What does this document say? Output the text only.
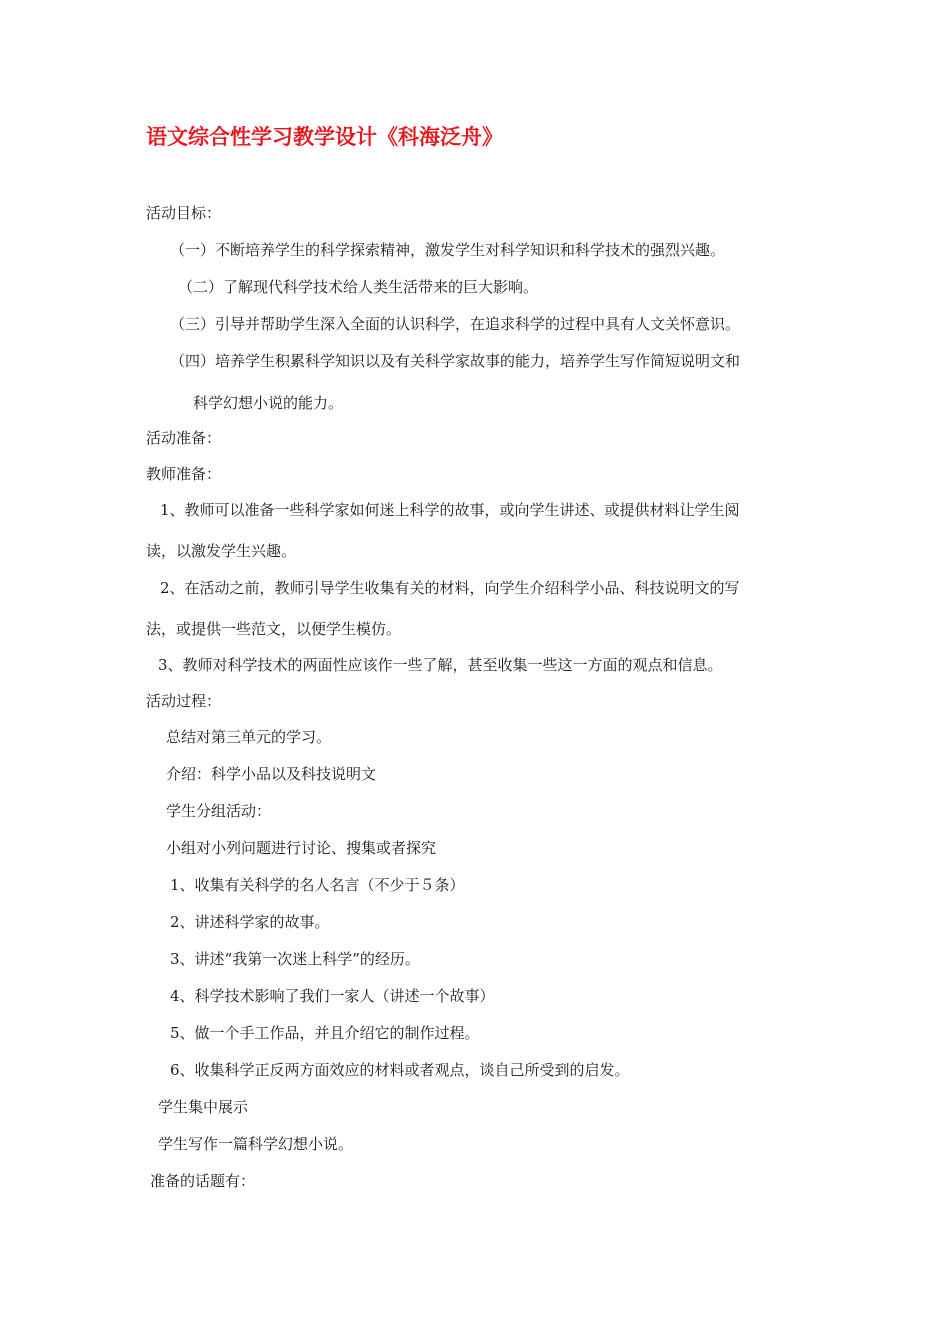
语文综合性学习教学设计《科海泛舟》
活动目标：
（一）不断培养学生的科学探索精神，激发学生对科学知识和科学技术的强烈兴趣。
（二）了解现代科学技术给人类生活带来的巨大影响。
（三）引导并帮助学生深入全面的认识科学，在追求科学的过程中具有人文关怀意识。
（四）培养学生积累科学知识以及有关科学家故事的能力，培养学生写作简短说明文和
科学幻想小说的能力。
活动准备：
教师准备：
1、教师可以准备一些科学家如何迷上科学的故事，或向学生讲述、或提供材料让学生阅
读，以激发学生兴趣。
2、在活动之前，教师引导学生收集有关的材料，向学生介绍科学小品、科技说明文的写
法，或提供一些范文，以便学生模仿。
3、教师对科学技术的两面性应该作一些了解，甚至收集一些这一方面的观点和信息。
活动过程：
总结对第三单元的学习。
介绍：科学小品以及科技说明文
学生分组活动：
小组对小列问题进行讨论、搜集或者探究
1、收集有关科学的名人名言（不少于５条）
2、讲述科学家的故事。
3、讲述“我第一次迷上科学”的经历。
4、科学技术影响了我们一家人（讲述一个故事）
5、做一个手工作品，并且介绍它的制作过程。
6、收集科学正反两方面效应的材料或者观点，谈自己所受到的启发。
学生集中展示
学生写作一篇科学幻想小说。
准备的话题有：
